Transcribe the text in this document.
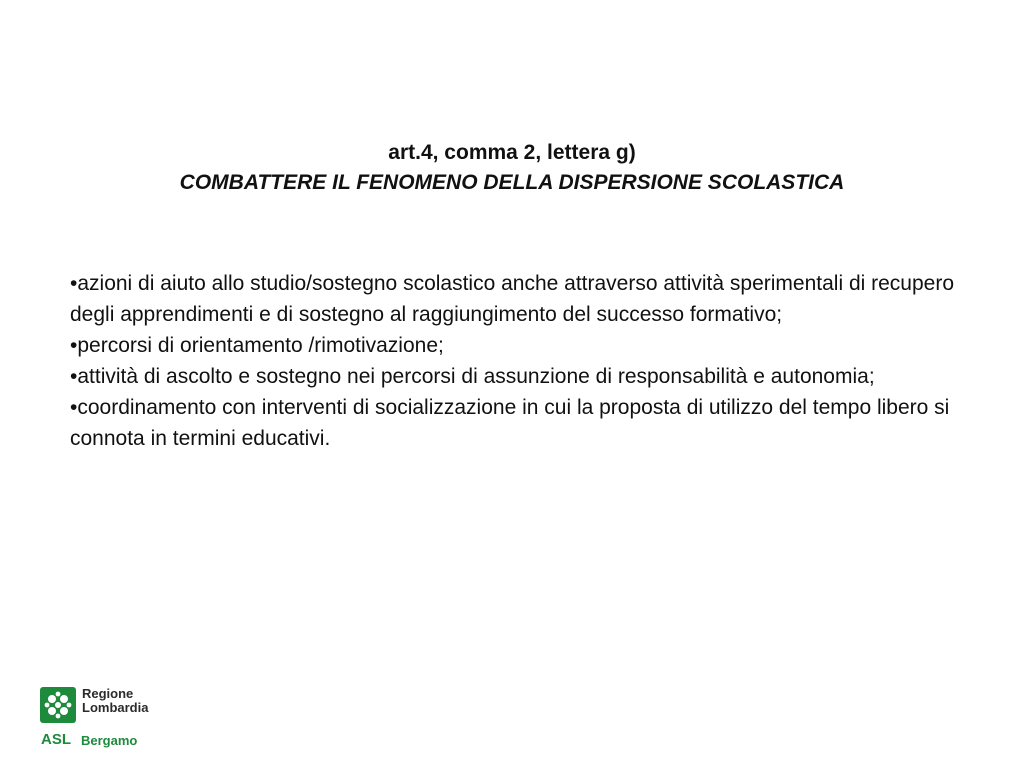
art.4, comma 2, lettera g)
COMBATTERE IL FENOMENO DELLA DISPERSIONE SCOLASTICA

•azioni di aiuto allo studio/sostegno scolastico anche attraverso attività sperimentali di recupero degli apprendimenti e di sostegno al raggiungimento del successo formativo;

•percorsi di orientamento /rimotivazione;

•attività di ascolto e sostegno nei percorsi di assunzione di responsabilità e autonomia;

•coordinamento con interventi di socializzazione in cui la proposta di utilizzo del tempo libero si connota in termini educativi.

Regione
Lombardia
ASL Bergamo
